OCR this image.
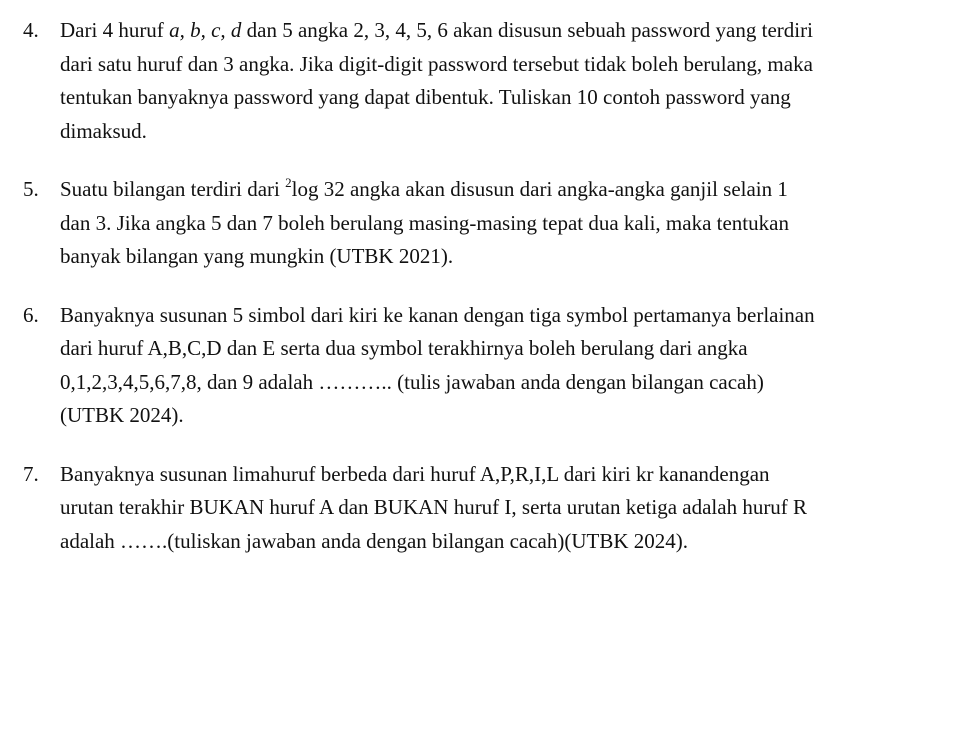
4. Dari 4 huruf a, b, c, d dan 5 angka 2, 3, 4, 5, 6 akan disusun sebuah password yang terdiri
dari satu huruf dan 3 angka. Jika digit-digit password tersebut tidak boleh berulang, maka
tentukan banyaknya password yang dapat dibentuk. Tuliskan 10 contoh password yang
dimaksud.
5. Suatu bilangan terdiri dari $^2$log 32 angka akan disusun dari angka-angka ganjil selain 1
dan 3. Jika angka 5 dan 7 boleh berulang masing-masing tepat dua kali, maka tentukan
banyak bilangan yang mungkin (UTBK 2021).
6. Banyaknya susunan 5 simbol dari kiri ke kanan dengan tiga symbol pertamanya berlainan
dari huruf A,B,C,D dan E serta dua symbol terakhirnya boleh berulang dari angka
0,1,2,3,4,5,6,7,8, dan 9 adalah ……….. (tulis jawaban anda dengan bilangan cacah)
(UTBK 2024).
7. Banyaknya susunan limahuruf berbeda dari huruf A,P,R,I,L dari kiri kr kanandengan
urutan terakhir BUKAN huruf A dan BUKAN huruf I, serta urutan ketiga adalah huruf R
adalah …….(tuliskan jawaban anda dengan bilangan cacah)(UTBK 2024).
